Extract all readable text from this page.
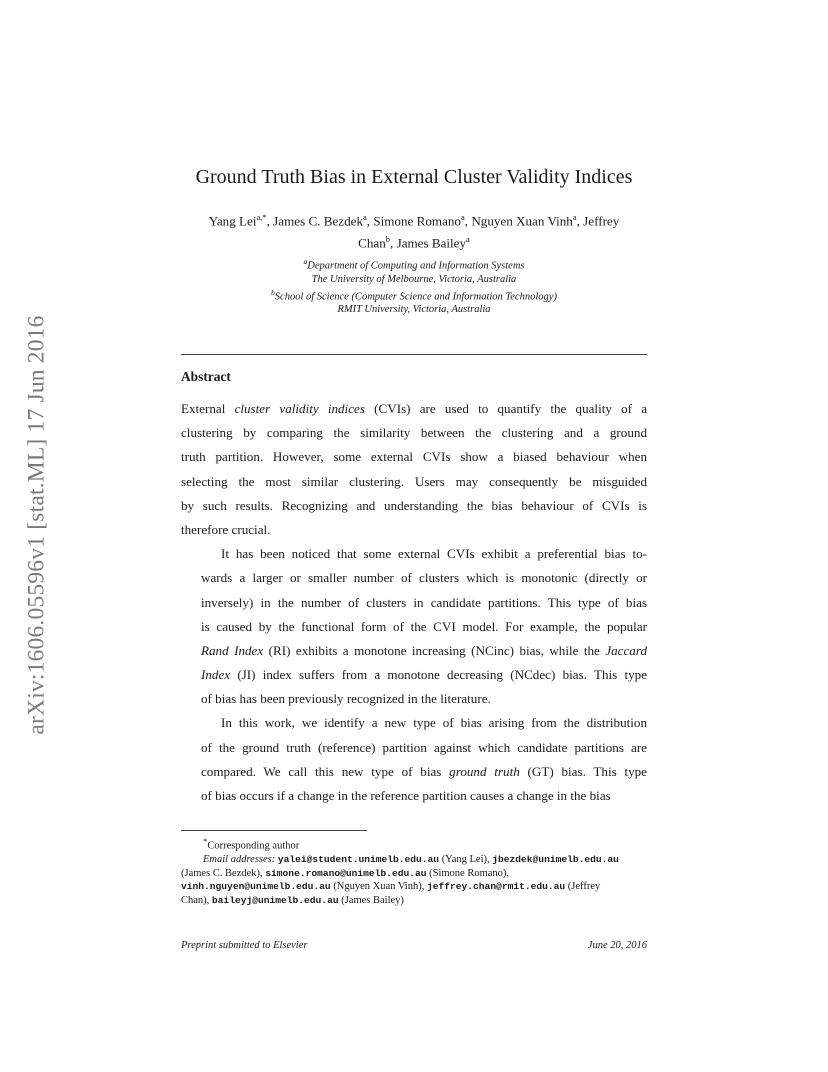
arXiv:1606.05596v1 [stat.ML] 17 Jun 2016
Ground Truth Bias in External Cluster Validity Indices
Yang Lei$^{a,*}$, James C. Bezdek$^a$, Simone Romano$^a$, Nguyen Xuan Vinh$^a$, Jeffrey
Chan$^b$, James Bailey$^a$
$^a$Department of Computing and Information Systems
The University of Melbourne, Victoria, Australia
$^b$School of Science (Computer Science and Information Technology)
RMIT University, Victoria, Australia
Abstract

External cluster validity indices (CVIs) are used to quantify the quality of a
clustering by comparing the similarity between the clustering and a ground
truth partition. However, some external CVIs show a biased behaviour when
selecting the most similar clustering. Users may consequently be misguided
by such results. Recognizing and understanding the bias behaviour of CVIs is
therefore crucial.

It has been noticed that some external CVIs exhibit a preferential bias to-
wards a larger or smaller number of clusters which is monotonic (directly or
inversely) in the number of clusters in candidate partitions. This type of bias
is caused by the functional form of the CVI model. For example, the popular
Rand Index (RI) exhibits a monotone increasing (NCinc) bias, while the Jaccard
Index (JI) index suffers from a monotone decreasing (NCdec) bias. This type
of bias has been previously recognized in the literature.

In this work, we identify a new type of bias arising from the distribution
of the ground truth (reference) partition against which candidate partitions are
compared. We call this new type of bias ground truth (GT) bias. This type
of bias occurs if a change in the reference partition causes a change in the bias

*Corresponding author
Email addresses: yalei@student.unimelb.edu.au (Yang Lei), jbezdek@unimelb.edu.au
(James C. Bezdek), simone.romano@unimelb.edu.au (Simone Romano),
vinh.nguyen@unimelb.edu.au (Nguyen Xuan Vinh), jeffrey.chan@rmit.edu.au (Jeffrey
Chan), baileyj@unimelb.edu.au (James Bailey)
Preprint submitted to Elsevier	June 20, 2016
